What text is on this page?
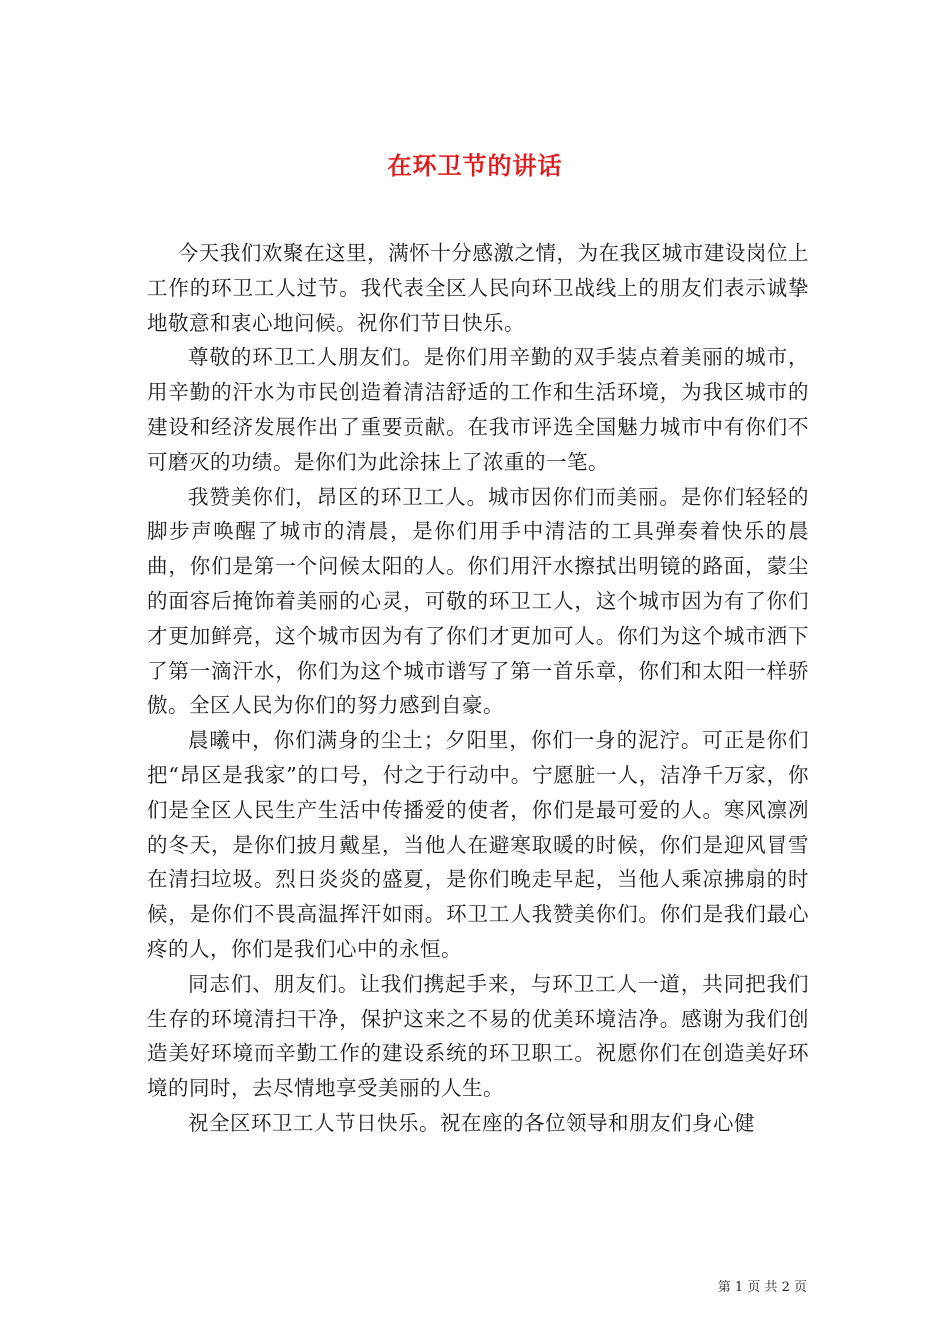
在环卫节的讲话

今天我们欢聚在这里，满怀十分感激之情，为在我区城市建设岗位上工作的环卫工人过节。我代表全区人民向环卫战线上的朋友们表示诚挚地敬意和衷心地问候。祝你们节日快乐。

尊敬的环卫工人朋友们。是你们用辛勤的双手装点着美丽的城市，用辛勤的汗水为市民创造着清洁舒适的工作和生活环境，为我区城市的建设和经济发展作出了重要贡献。在我市评选全国魅力城市中有你们不可磨灭的功绩。是你们为此涂抹上了浓重的一笔。

我赞美你们，昂区的环卫工人。城市因你们而美丽。是你们轻轻的脚步声唤醒了城市的清晨，是你们用手中清洁的工具弹奏着快乐的晨曲，你们是第一个问候太阳的人。你们用汗水擦拭出明镜的路面，蒙尘的面容后掩饰着美丽的心灵，可敬的环卫工人，这个城市因为有了你们才更加鲜亮，这个城市因为有了你们才更加可人。你们为这个城市洒下了第一滴汗水，你们为这个城市谱写了第一首乐章，你们和太阳一样骄傲。全区人民为你们的努力感到自豪。

晨曦中，你们满身的尘土；夕阳里，你们一身的泥泞。可正是你们把“昂区是我家”的口号，付之于行动中。宁愿脏一人，洁净千万家，你们是全区人民生产生活中传播爱的使者，你们是最可爱的人。寒风凛冽的冬天，是你们披月戴星，当他人在避寒取暖的时候，你们是迎风冒雪在清扫垃圾。烈日炎炎的盛夏，是你们晚走早起，当他人乘凉拂扇的时候，是你们不畏高温挥汗如雨。环卫工人我赞美你们。你们是我们最心疼的人，你们是我们心中的永恒。

同志们、朋友们。让我们携起手来，与环卫工人一道，共同把我们生存的环境清扫干净，保护这来之不易的优美环境洁净。感谢为我们创造美好环境而辛勤工作的建设系统的环卫职工。祝愿你们在创造美好环境的同时，去尽情地享受美丽的人生。

祝全区环卫工人节日快乐。祝在座的各位领导和朋友们身心健

第 1 页 共 2 页
